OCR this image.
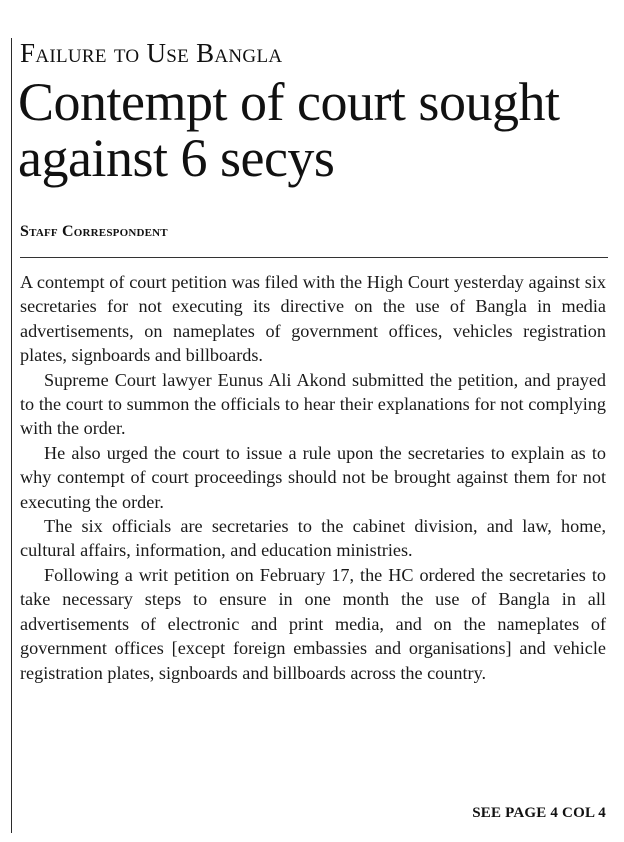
Failure to Use Bangla
Contempt of court sought against 6 secys
Staff Correspondent

A contempt of court petition was filed with the High Court yesterday against six secretaries for not executing its directive on the use of Bangla in media advertisements, on nameplates of government offices, vehicles registration plates, signboards and billboards.

Supreme Court lawyer Eunus Ali Akond submitted the petition, and prayed to the court to summon the officials to hear their explanations for not complying with the order.

He also urged the court to issue a rule upon the secretaries to explain as to why contempt of court proceedings should not be brought against them for not executing the order.

The six officials are secretaries to the cabinet division, and law, home, cultural affairs, information, and education ministries.

Following a writ petition on February 17, the HC ordered the secretaries to take necessary steps to ensure in one month the use of Bangla in all advertisements of electronic and print media, and on the nameplates of government offices [except foreign embassies and organisations] and vehicle registration plates, signboards and billboards across the country.

SEE PAGE 4 COL 4
